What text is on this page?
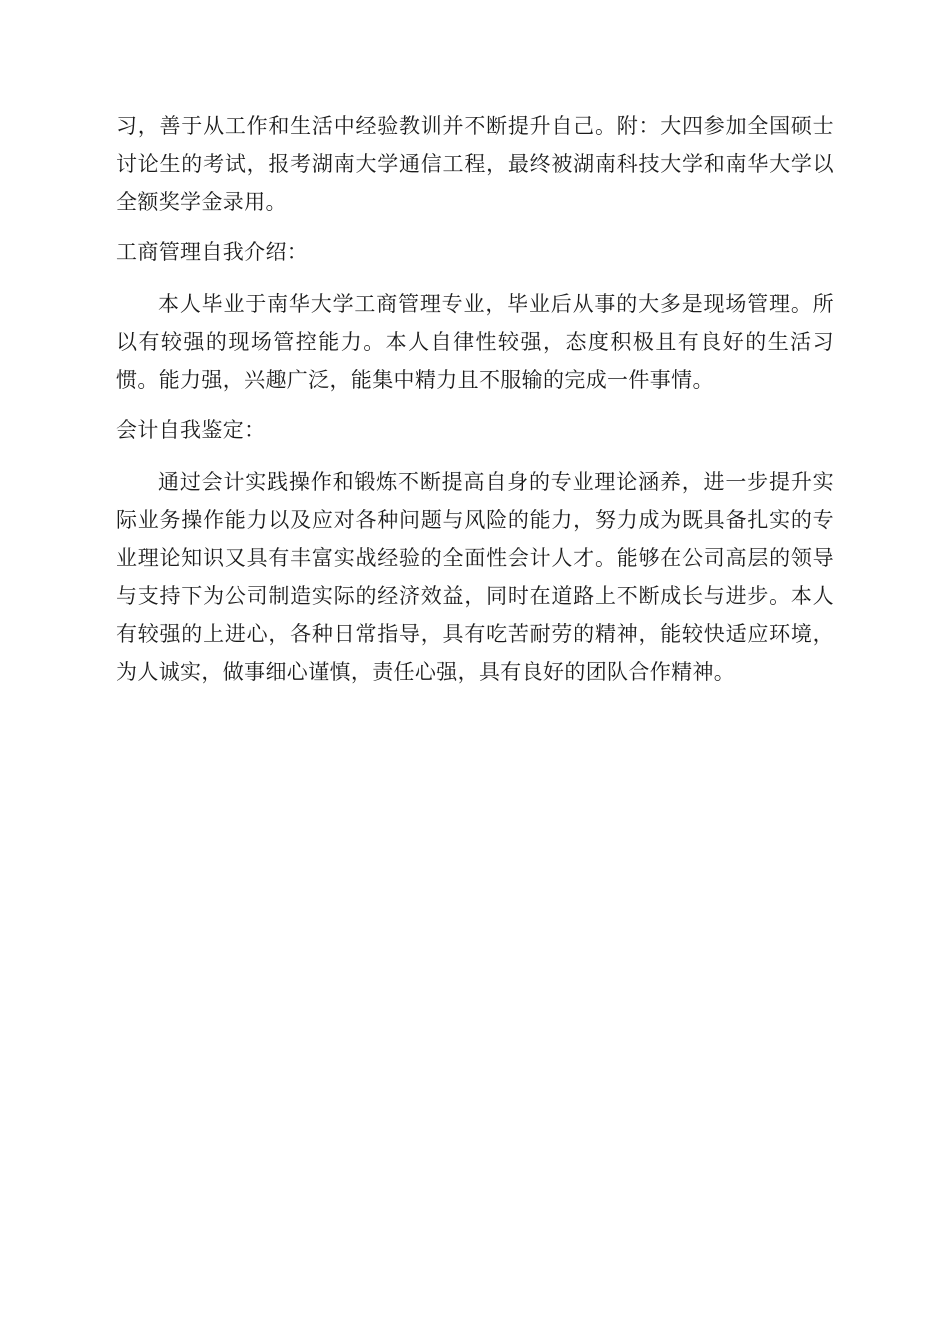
习，善于从工作和生活中经验教训并不断提升自己。附：大四参加全国硕士讨论生的考试，报考湖南大学通信工程，最终被湖南科技大学和南华大学以全额奖学金录用。

工商管理自我介绍：

本人毕业于南华大学工商管理专业，毕业后从事的大多是现场管理。所以有较强的现场管控能力。本人自律性较强，态度积极且有良好的生活习惯。能力强，兴趣广泛，能集中精力且不服输的完成一件事情。

会计自我鉴定：

通过会计实践操作和锻炼不断提高自身的专业理论涵养，进一步提升实际业务操作能力以及应对各种问题与风险的能力，努力成为既具备扎实的专业理论知识又具有丰富实战经验的全面性会计人才。能够在公司高层的领导与支持下为公司制造实际的经济效益，同时在道路上不断成长与进步。本人有较强的上进心，各种日常指导，具有吃苦耐劳的精神，能较快适应环境，为人诚实，做事细心谨慎，责任心强，具有良好的团队合作精神。
